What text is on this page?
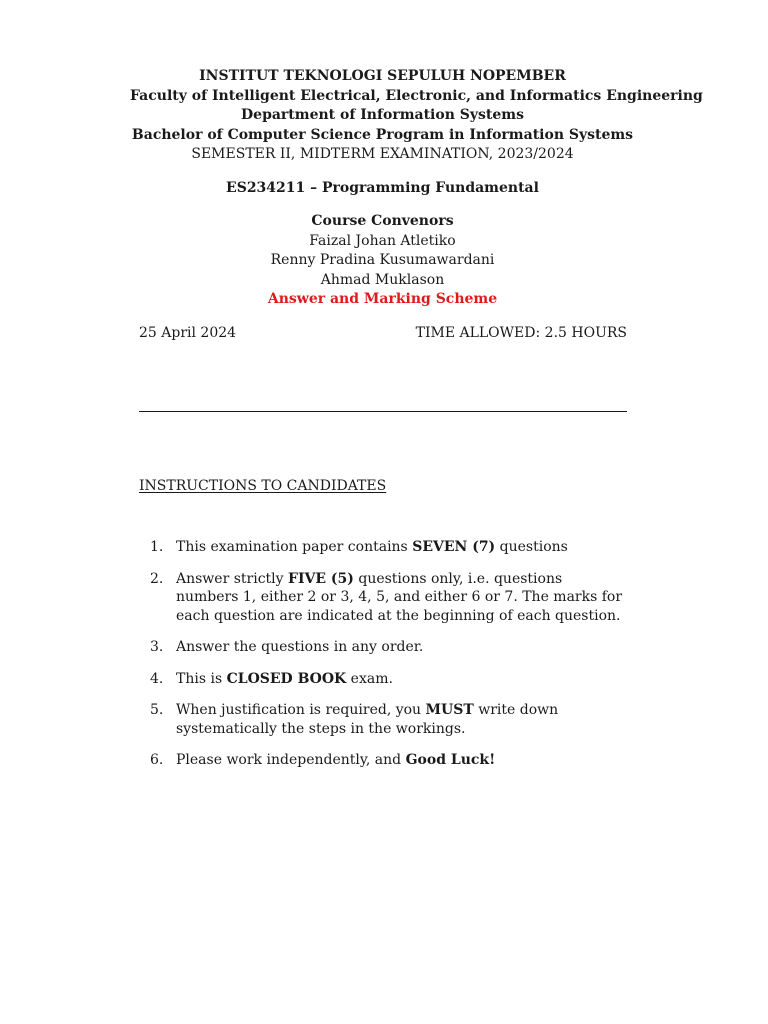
INSTITUT TEKNOLOGI SEPULUH NOPEMBER
Faculty of Intelligent Electrical, Electronic, and Informatics Engineering
Department of Information Systems
Bachelor of Computer Science Program in Information Systems
SEMESTER II, MIDTERM EXAMINATION, 2023/2024
ES234211 – Programming Fundamental
Course Convenors
Faizal Johan Atletiko
Renny Pradina Kusumawardani
Ahmad Muklason
Answer and Marking Scheme
25 April 2024	TIME ALLOWED: 2.5 HOURS
INSTRUCTIONS TO CANDIDATES
1. This examination paper contains SEVEN (7) questions
2. Answer strictly FIVE (5) questions only, i.e. questions numbers 1, either 2 or 3, 4, 5, and either 6 or 7. The marks for each question are indicated at the beginning of each question.
3. Answer the questions in any order.
4. This is CLOSED BOOK exam.
5. When justification is required, you MUST write down systematically the steps in the workings.
6. Please work independently, and Good Luck!
